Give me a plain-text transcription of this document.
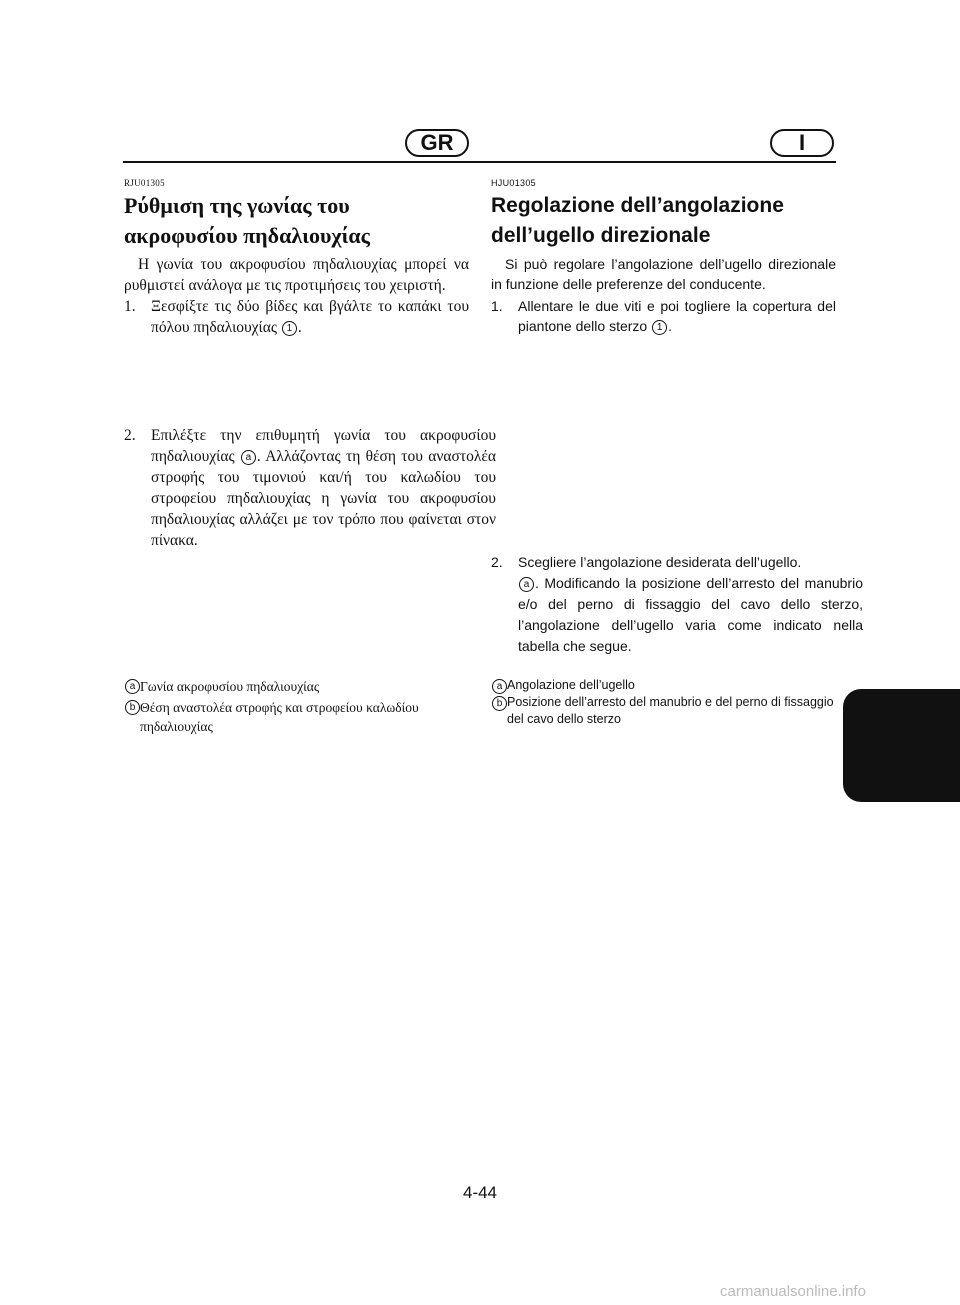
GR	I
RJU01305
Ρύθμιση της γωνίας του
ακροφυσίου πηδαλιουχίας
Η γωνία του ακροφυσίου πηδαλιουχίας μπορεί να ρυθμιστεί ανάλογα με τις προτιμήσεις του χειριστή.
1. Ξεσφίξτε τις δύο βίδες και βγάλτε το καπάκι του πόλου πηδαλιουχίας 1 .
2. Επιλέξτε την επιθυμητή γωνία του ακροφυσίου πηδαλιουχίας a . Αλλάζοντας τη θέση του αναστολέα στροφής του τιμονιού και/ή του καλωδίου του στροφείου πηδαλιουχίας η γωνία του ακροφυσίου πηδαλιουχίας αλλάζει με τον τρόπο που φαίνεται στον πίνακα.
a Γωνία ακροφυσίου πηδαλιουχίας
b Θέση αναστολέα στροφής και στροφείου καλωδίου πηδαλιουχίας
HJU01305
Regolazione dell’angolazione
dell’ugello direzionale
Si può regolare l’angolazione dell’ugello direzionale in funzione delle preferenze del conducente.
1. Allentare le due viti e poi togliere la copertura del piantone dello sterzo 1 .
2. Scegliere l’angolazione desiderata dell’ugello.
a . Modificando la posizione dell’arresto del manubrio e/o del perno di fissaggio del cavo dello sterzo, l’angolazione dell’ugello varia come indicato nella tabella che segue.
a Angolazione dell’ugello
b Posizione dell’arresto del manubrio e del perno di fissaggio del cavo dello sterzo
4-44
carmanualsonline.info
